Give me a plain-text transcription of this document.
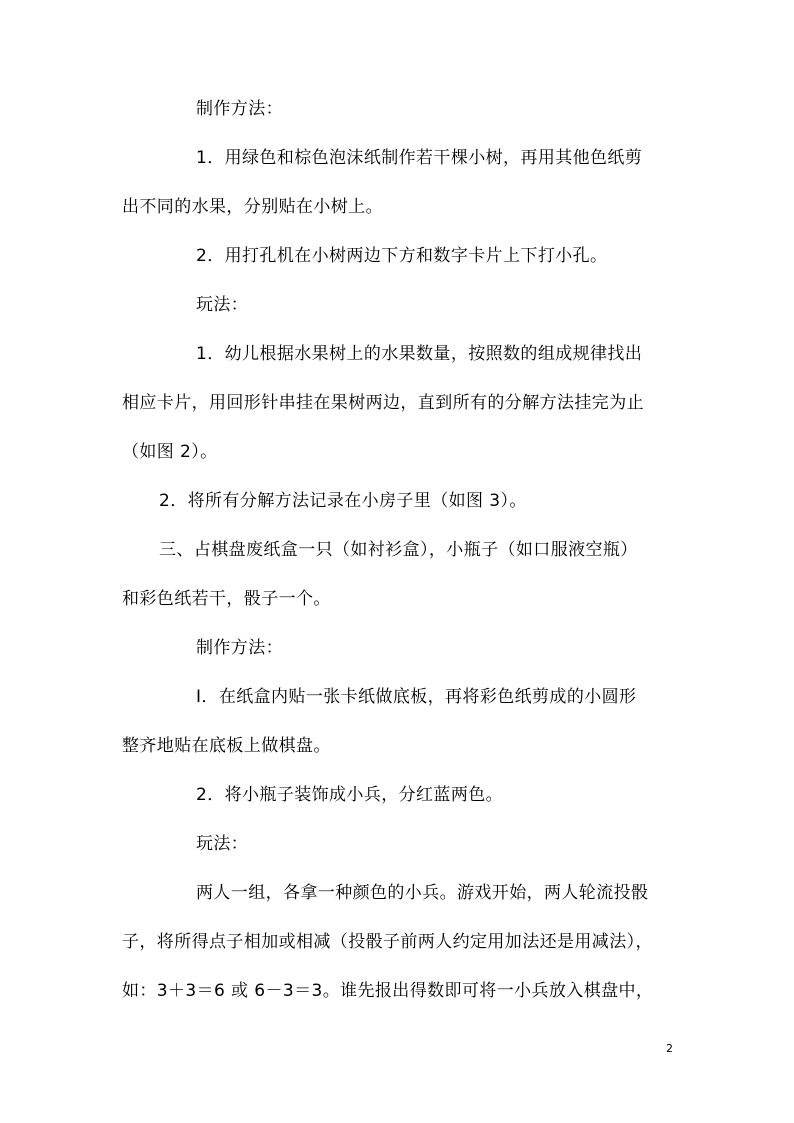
制作方法：
1．用绿色和棕色泡沫纸制作若干棵小树，再用其他色纸剪
出不同的水果，分别贴在小树上。
2．用打孔机在小树两边下方和数字卡片上下打小孔。
玩法：
1．幼儿根据水果树上的水果数量，按照数的组成规律找出
相应卡片，用回形针串挂在果树两边，直到所有的分解方法挂完为止
（如图 2）。
2．将所有分解方法记录在小房子里（如图 3）。
三、占棋盘废纸盒一只（如衬衫盒），小瓶子（如口服液空瓶）
和彩色纸若干，骰子一个。
制作方法：
I．在纸盒内贴一张卡纸做底板，再将彩色纸剪成的小圆形
整齐地贴在底板上做棋盘。
2．将小瓶子装饰成小兵，分红蓝两色。
玩法：
两人一组，各拿一种颜色的小兵。游戏开始，两人轮流投骰
子，将所得点子相加或相减（投骰子前两人约定用加法还是用减法），
如：3＋3＝6 或 6－3＝3。谁先报出得数即可将一小兵放入棋盘中，
2
